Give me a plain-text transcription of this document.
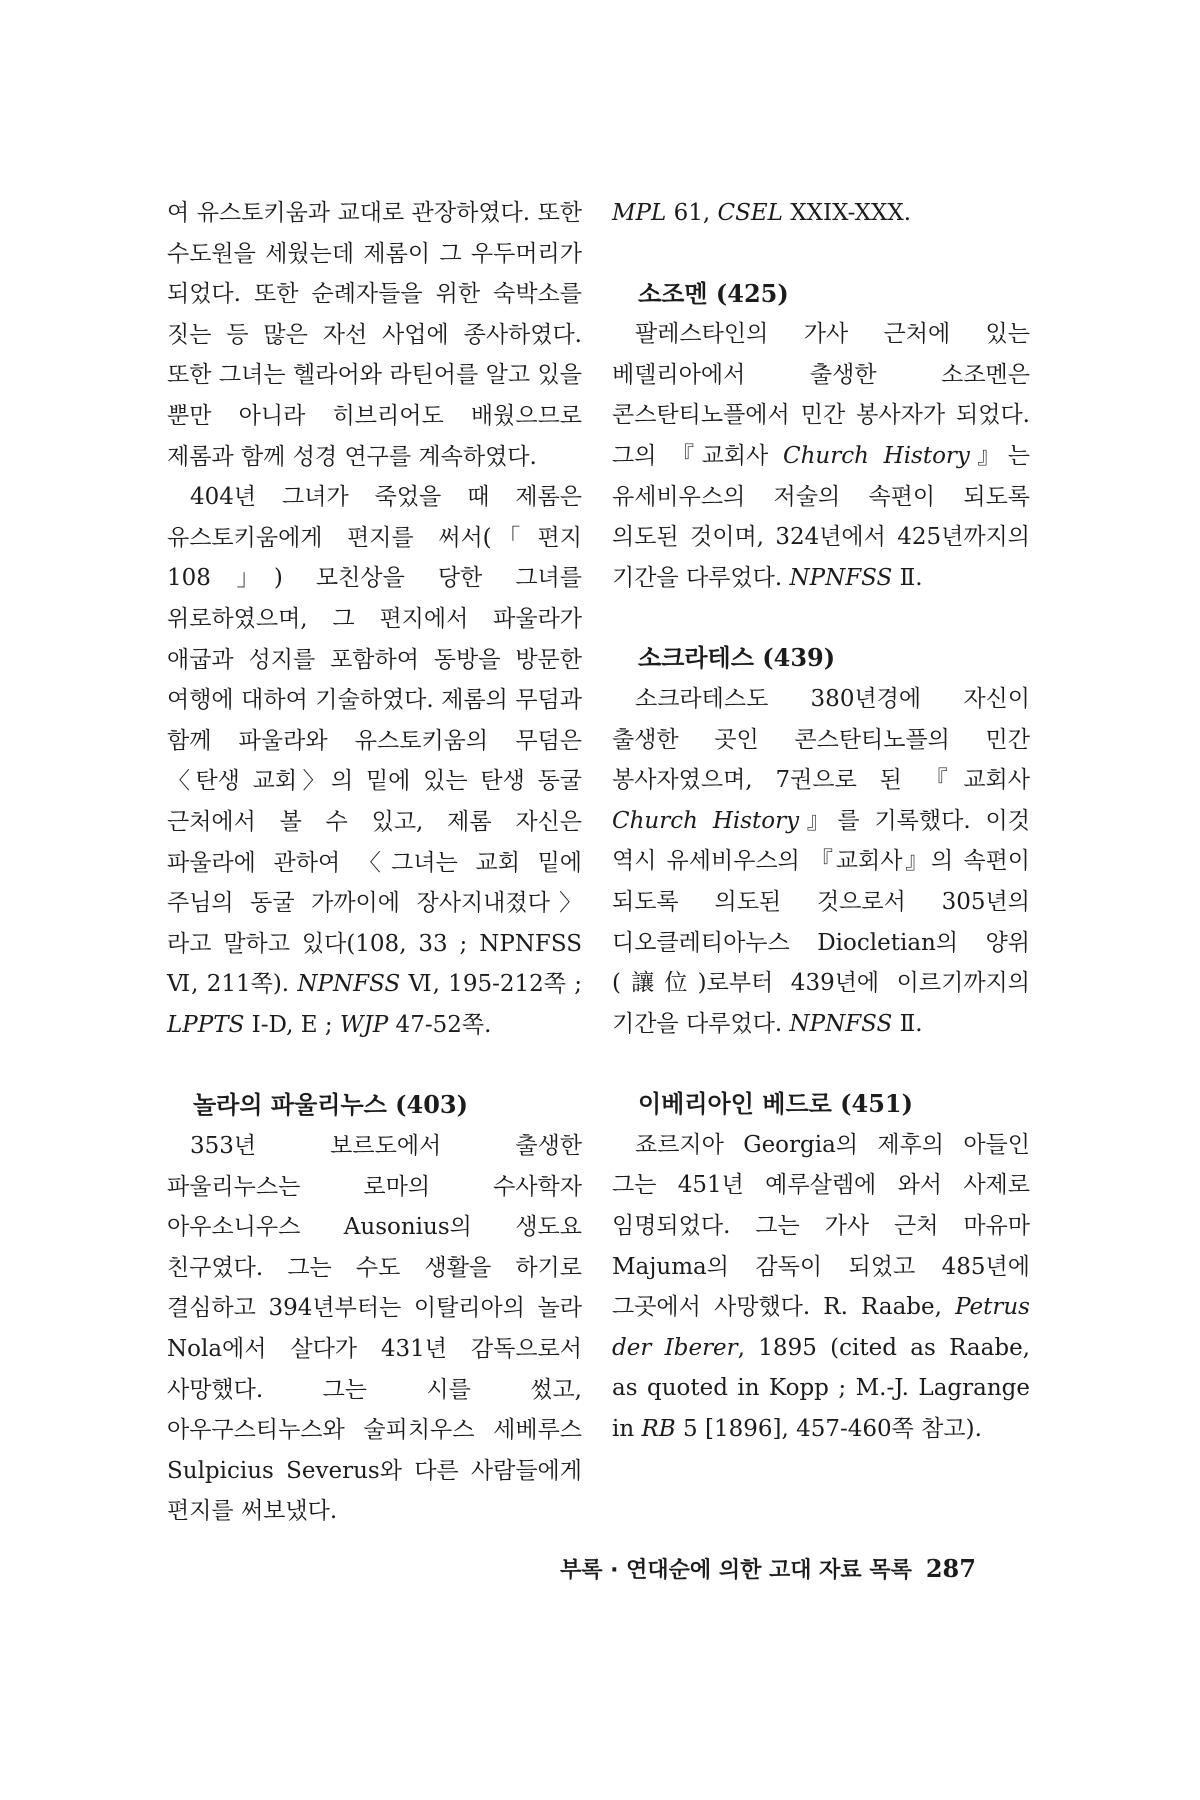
여 유스토키움과 교대로 관장하였다. 또한 수도원을 세웠는데 제롬이 그 우두머리가 되었다. 또한 순례자들을 위한 숙박소를 짓는 등 많은 자선 사업에 종사하였다. 또한 그녀는 헬라어와 라틴어를 알고 있을 뿐만 아니라 히브리어도 배웠으므로 제롬과 함께 성경 연구를 계속하였다.

404년 그녀가 죽었을 때 제롬은 유스토키움에게 편지를 써서(「편지 108」) 모친상을 당한 그녀를 위로하였으며, 그 편지에서 파울라가 애굽과 성지를 포함하여 동방을 방문한 여행에 대하여 기술하였다. 제롬의 무덤과 함께 파울라와 유스토키움의 무덤은 〈탄생 교회〉의 밑에 있는 탄생 동굴 근처에서 볼 수 있고, 제롬 자신은 파울라에 관하여 〈그녀는 교회 밑에 주님의 동굴 가까이에 장사지내졌다〉라고 말하고 있다(108, 33 ; NPNFSS Ⅵ, 211쪽). NPNFSS Ⅵ, 195-212쪽 ; LPPTS I-D, E ; WJP 47-52쪽.

놀라의 파울리누스 (403)

353년 보르도에서 출생한 파울리누스는 로마의 수사학자 아우소니우스 Ausonius의 생도요 친구였다. 그는 수도 생활을 하기로 결심하고 394년부터는 이탈리아의 놀라 Nola에서 살다가 431년 감독으로서 사망했다. 그는 시를 썼고, 아우구스티누스와 술피치우스 세베루스 Sulpicius Severus와 다른 사람들에게 편지를 써보냈다.

MPL 61, CSEL XXIX-XXX.

소조멘 (425)

팔레스타인의 가사 근처에 있는 베델리아에서 출생한 소조멘은 콘스탄티노플에서 민간 봉사자가 되었다. 그의 『교회사 Church History』는 유세비우스의 저술의 속편이 되도록 의도된 것이며, 324년에서 425년까지의 기간을 다루었다. NPNFSS Ⅱ.

소크라테스 (439)

소크라테스도 380년경에 자신이 출생한 곳인 콘스탄티노플의 민간 봉사자였으며, 7권으로 된 『교회사 Church History』를 기록했다. 이것 역시 유세비우스의 『교회사』의 속편이 되도록 의도된 것으로서 305년의 디오클레티아누스 Diocletian의 양위(讓位)로부터 439년에 이르기까지의 기간을 다루었다. NPNFSS Ⅱ.

이베리아인 베드로 (451)

죠르지아 Georgia의 제후의 아들인 그는 451년 예루살렘에 와서 사제로 임명되었다. 그는 가사 근처 마유마 Majuma의 감독이 되었고 485년에 그곳에서 사망했다. R. Raabe, Petrus der Iberer, 1895 (cited as Raabe, as quoted in Kopp ; M.-J. Lagrange in RB 5 [1896], 457-460쪽 참고).

부록 · 연대순에 의한 고대 자료 목록 287
